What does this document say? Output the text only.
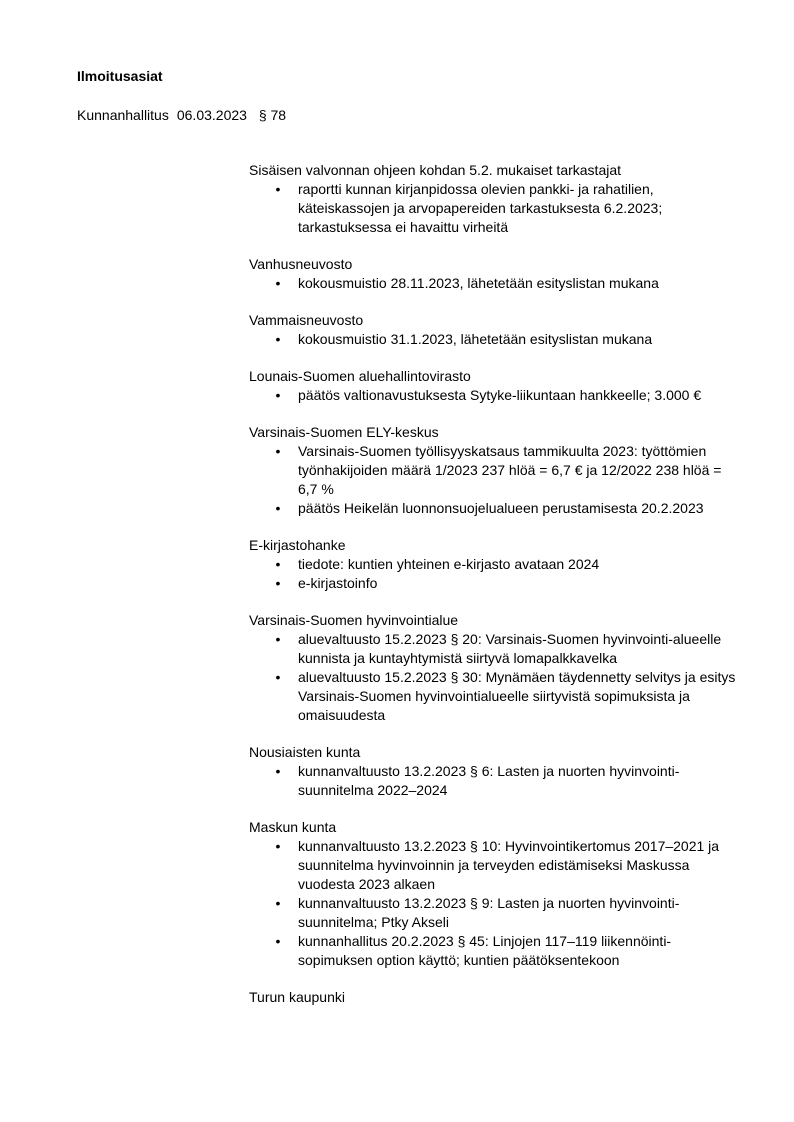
Ilmoitusasiat
Kunnanhallitus 06.03.2023 § 78
Sisäisen valvonnan ohjeen kohdan 5.2. mukaiset tarkastajat
• raportti kunnan kirjanpidossa olevien pankki- ja rahatilien, käteiskassojen ja arvopapereiden tarkastuksesta 6.2.2023; tarkastuksessa ei havaittu virheitä
Vanhusneuvosto
• kokousmuistio 28.11.2023, lähetetään esityslistan mukana
Vammaisneuvosto
• kokousmuistio 31.1.2023, lähetetään esityslistan mukana
Lounais-Suomen aluehallintovirasto
• päätös valtionavustuksesta Sytyke-liikuntaan hankkeelle; 3.000 €
Varsinais-Suomen ELY-keskus
• Varsinais-Suomen työllisyyskatsaus tammikuulta 2023: työttömien työnhakijoiden määrä 1/2023 237 hlöä = 6,7 € ja 12/2022 238 hlöä = 6,7 %
• päätös Heikelän luonnonsuojelualueen perustamisesta 20.2.2023
E-kirjastohanke
• tiedote: kuntien yhteinen e-kirjasto avataan 2024
• e-kirjastoinfo
Varsinais-Suomen hyvinvointialue
• aluevaltuusto 15.2.2023 § 20: Varsinais-Suomen hyvinvointi-alueelle kunnista ja kuntayhtymistä siirtyvä lomapalkkavelka
• aluevaltuusto 15.2.2023 § 30: Mynämäen täydennetty selvitys ja esitys Varsinais-Suomen hyvinvointialueelle siirtyvistä sopimuksista ja omaisuudesta
Nousiaisten kunta
• kunnanvaltuusto 13.2.2023 § 6: Lasten ja nuorten hyvinvointi-suunnitelma 2022–2024
Maskun kunta
• kunnanvaltuusto 13.2.2023 § 10: Hyvinvointikertomus 2017–2021 ja suunnitelma hyvinvoinnin ja terveyden edistämiseksi Maskussa vuodesta 2023 alkaen
• kunnanvaltuusto 13.2.2023 § 9: Lasten ja nuorten hyvinvointi-suunnitelma; Ptky Akseli
• kunnanhallitus 20.2.2023 § 45: Linjojen 117–119 liikennöinti-sopimuksen option käyttö; kuntien päätöksentekoon
Turun kaupunki
